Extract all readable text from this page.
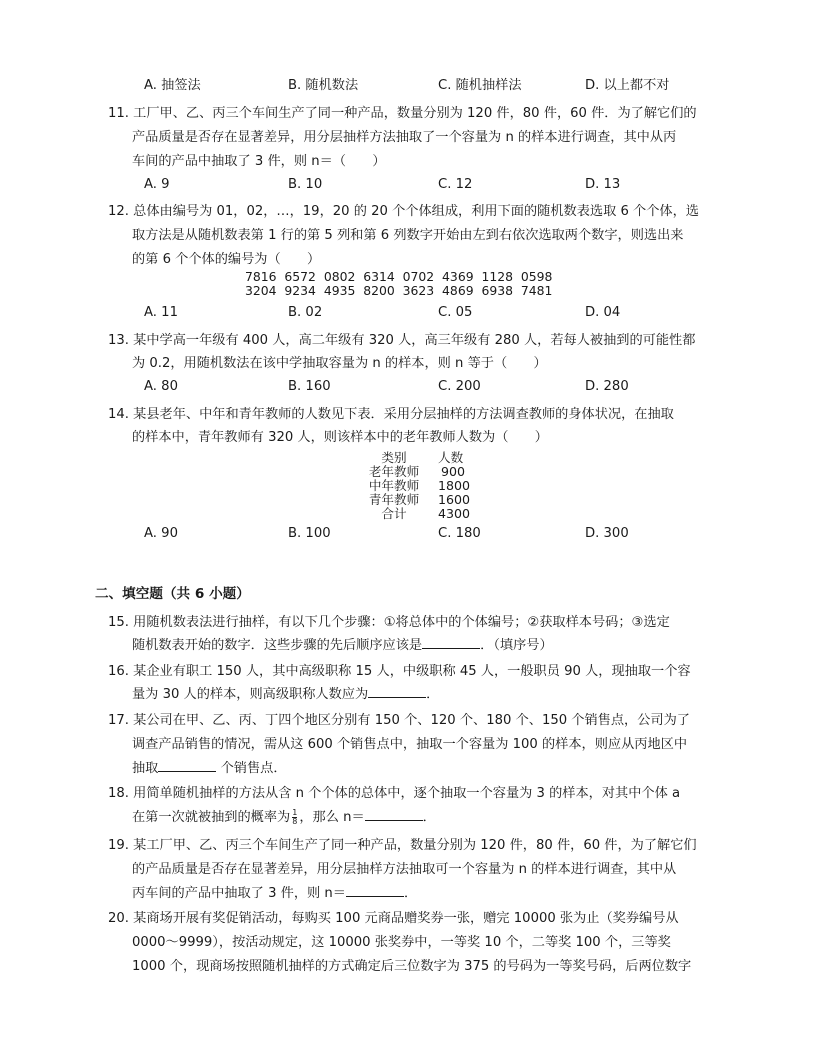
A. 抽签法	B. 随机数法	C. 随机抽样法	D. 以上都不对
11. 工厂甲、乙、丙三个车间生产了同一种产品，数量分别为 120 件，80 件，60 件．为了解它们的
产品质量是否存在显著差异，用分层抽样方法抽取了一个容量为 n 的样本进行调查，其中从丙
车间的产品中抽取了 3 件，则 n＝（　　）
A. 9	B. 10	C. 12	D. 13
12. 总体由编号为 01，02，…，19，20 的 20 个个体组成，利用下面的随机数表选取 6 个个体，选
取方法是从随机数表第 1 行的第 5 列和第 6 列数字开始由左到右依次选取两个数字，则选出来
的第 6 个个体的编号为（　　）
7816  6572  0802  6314  0702  4369  1128  0598
3204  9234  4935  8200  3623  4869  6938  7481
A. 11	B. 02	C. 05	D. 04
13. 某中学高一年级有 400 人，高二年级有 320 人，高三年级有 280 人，若每人被抽到的可能性都
为 0.2，用随机数法在该中学抽取容量为 n 的样本，则 n 等于（　　）
A. 80	B. 160	C. 200	D. 280
14. 某县老年、中年和青年教师的人数见下表．采用分层抽样的方法调查教师的身体状况，在抽取
的样本中，青年教师有 320 人，则该样本中的老年教师人数为（　　）
类别	人数
老年教师	900
中年教师	1800
青年教师	1600
合计	4300
A. 90	B. 100	C. 180	D. 300
二、填空题（共 6 小题）
15. 用随机数表法进行抽样，有以下几个步骤：①将总体中的个体编号；②获取样本号码；③选定
随机数表开始的数字．这些步骤的先后顺序应该是	．（填序号）
16. 某企业有职工 150 人，其中高级职称 15 人，中级职称 45 人，一般职员 90 人，现抽取一个容
量为 30 人的样本，则高级职称人数应为	．
17. 某公司在甲、乙、丙、丁四个地区分别有 150 个、120 个、180 个、150 个销售点，公司为了
调查产品销售的情况，需从这 600 个销售点中，抽取一个容量为 100 的样本，则应从丙地区中
抽取	个销售点．
18. 用简单随机抽样的方法从含 n 个个体的总体中，逐个抽取一个容量为 3 的样本，对其中个体 a
在第一次就被抽到的概率为 $\frac{1}{8}$ ，那么 n＝	．
19. 某工厂甲、乙、丙三个车间生产了同一种产品，数量分别为 120 件，80 件，60 件，为了解它们
的产品质量是否存在显著差异，用分层抽样方法抽取可一个容量为 n 的样本进行调查，其中从
丙车间的产品中抽取了 3 件，则 n＝	．
20. 某商场开展有奖促销活动，每购买 100 元商品赠奖券一张，赠完 10000 张为止（奖券编号从
0000～9999），按活动规定，这 10000 张奖券中，一等奖 10 个，二等奖 100 个，三等奖
1000 个，现商场按照随机抽样的方式确定后三位数字为 375 的号码为一等奖号码，后两位数字
